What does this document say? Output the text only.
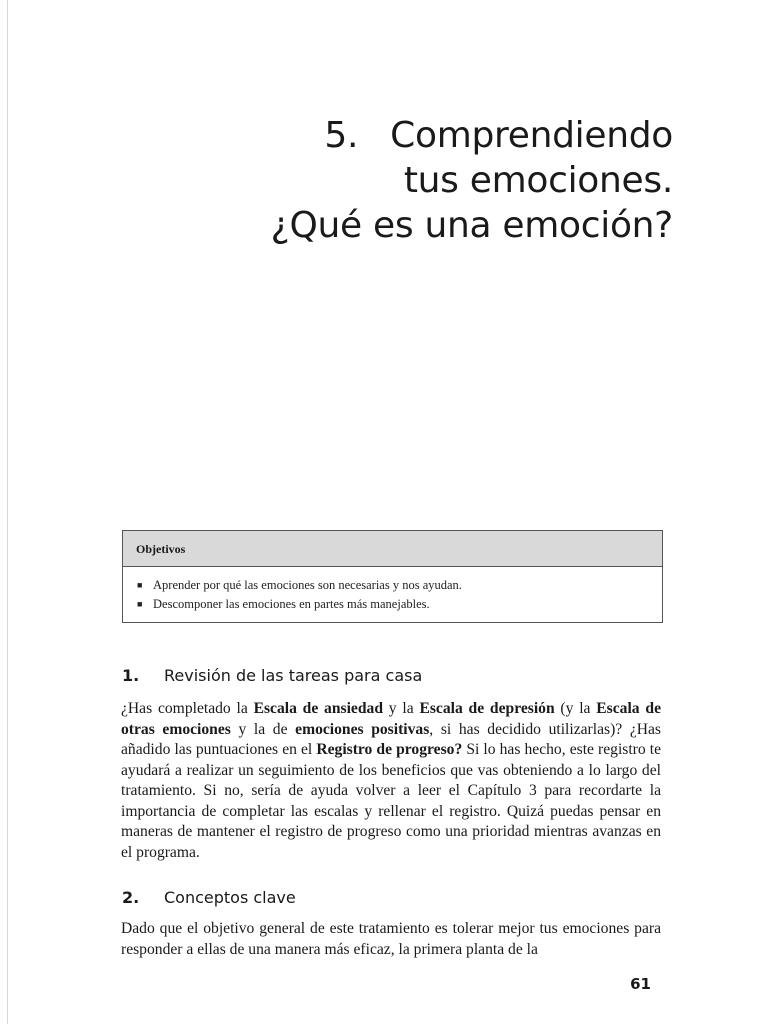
5. Comprendiendo
tus emociones.
¿Qué es una emoción?
Objetivos
■ Aprender por qué las emociones son necesarias y nos ayudan.
■ Descomponer las emociones en partes más manejables.
1. Revisión de las tareas para casa

¿Has completado la Escala de ansiedad y la Escala de depresión (y la Escala de otras emociones y la de emociones positivas, si has decidido utilizarlas)? ¿Has añadido las puntuaciones en el Registro de progreso? Si lo has hecho, este registro te ayudará a realizar un seguimiento de los beneficios que vas obteniendo a lo largo del tratamiento. Si no, sería de ayuda volver a leer el Capítulo 3 para recordarte la importancia de completar las escalas y rellenar el registro. Quizá puedas pensar en maneras de mantener el registro de progreso como una prioridad mientras avanzas en el programa.

2. Conceptos clave

Dado que el objetivo general de este tratamiento es tolerar mejor tus emociones para responder a ellas de una manera más eficaz, la primera planta de la

61
